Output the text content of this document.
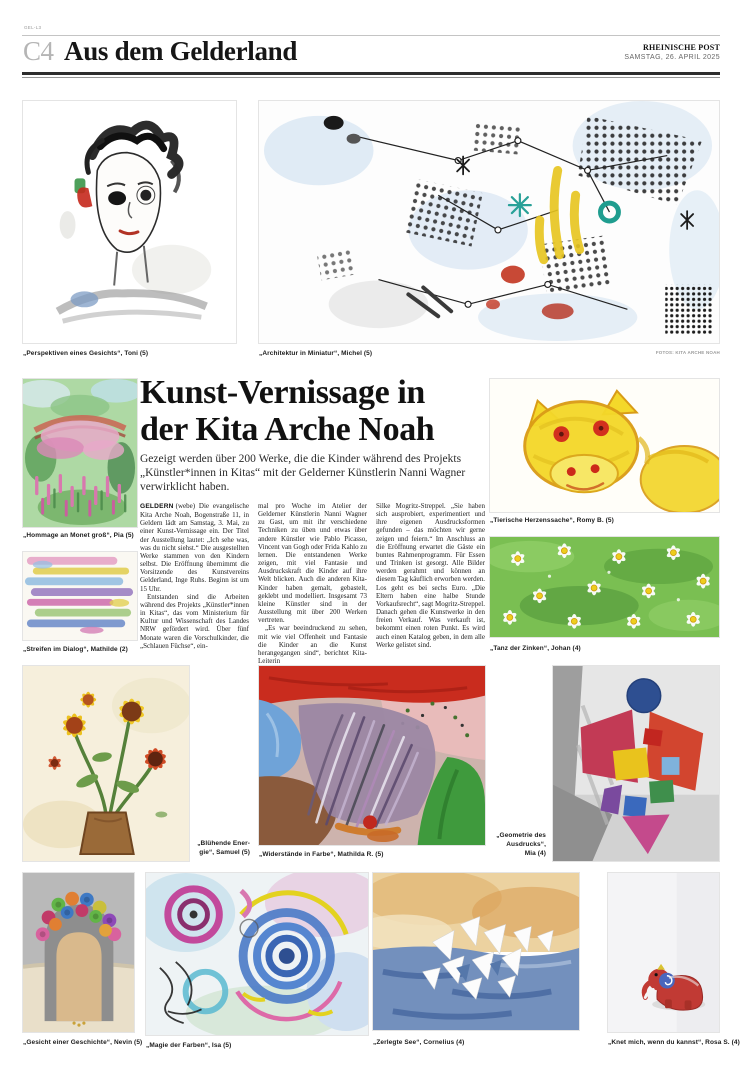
GEL-L3
C4 Aus dem Gelderland	RHEINISCHE POST
SAMSTAG, 26. APRIL 2025
„Perspektiven eines Gesichts“, Toni (5)	„Architektur in Miniatur“, Michel (5)	FOTOS: KITA ARCHE NOAH
„Hommage an Monet groß“, Pia (5)
„Streifen im Dialog“, Mathilde (2)
Kunst-Vernissage in
der Kita Arche Noah
Gezeigt werden über 200 Werke, die die Kinder während des Projekts „Künstler*innen in Kitas“ mit der Gelderner Künstlerin Nanni Wagner verwirklicht haben.

GELDERN (webe) Die evangelische Kita Arche Noah, Bogenstraße 11, in Geldern lädt am Samstag, 3. Mai, zu einer Kunst-Vernissage ein. Der Titel der Ausstellung lautet: „Ich sehe was, was du nicht siehst.“ Die ausgestellten Werke stammen von den Kindern selbst. Die Eröffnung übernimmt die Vorsitzende des Kunstvereins Gelderland, Inge Ruhs. Beginn ist um 15 Uhr.

Entstanden sind die Arbeiten während des Projekts „Künstler*innen in Kitas“, das vom Ministerium für Kultur und Wissenschaft des Landes NRW gefördert wird. Über fünf Monate waren die Vorschulkinder, die „Schlauen Füchse“, ein-

mal pro Woche im Atelier der Gelderner Künstlerin Nanni Wagner zu Gast, um mit ihr verschiedene Techniken zu üben und etwas über andere Künstler wie Pablo Picasso, Vincent van Gogh oder Frida Kahlo zu lernen. Die entstandenen Werke zeigen, mit viel Fantasie und Ausdruckskraft die Kinder auf ihre Welt blicken. Auch die anderen Kita-Kinder haben gemalt, gebastelt, geklebt und modelliert. Insgesamt 73 kleine Künstler sind in der Ausstellung mit über 200 Werken vertreten.

„Es war beeindruckend zu sehen, mit wie viel Offenheit und Fantasie die Kinder an die Kunst herangegangen sind“, berichtet Kita-Leiterin

Silke Mogritz-Streppel. „Sie haben sich ausprobiert, experimentiert und ihre eigenen Ausdrucksformen gefunden – das möchten wir gerne zeigen und feiern.“ Im Anschluss an die Eröffnung erwartet die Gäste ein buntes Rahmenprogramm. Für Essen und Trinken ist gesorgt. Alle Bilder werden gerahmt und können an diesem Tag käuflich erworben werden. Los geht es bei sechs Euro. „Die Eltern haben eine halbe Stunde Vorkaufsrecht“, sagt Mogritz-Streppel. Danach gehen die Kunstwerke in den freien Verkauf. Was verkauft ist, bekommt einen roten Punkt. Es wird auch einen Katalog geben, in dem alle Werke gelistet sind.

„Tierische Herzenssache“, Romy B. (5)
„Tanz der Zinken“, Johan (4)
„Blühende Ener-
gie“, Samuel (5) „Widerstände in Farbe“, Mathilda R. (5)
„Geometrie des
Ausdrucks“,
Mia (4)
„Gesicht einer Geschichte“, Nevin (5) „Magie der Farben“, Isa (5)	„Zerlegte See“, Cornelius (4)	„Knet mich, wenn du kannst“, Rosa S. (4)
